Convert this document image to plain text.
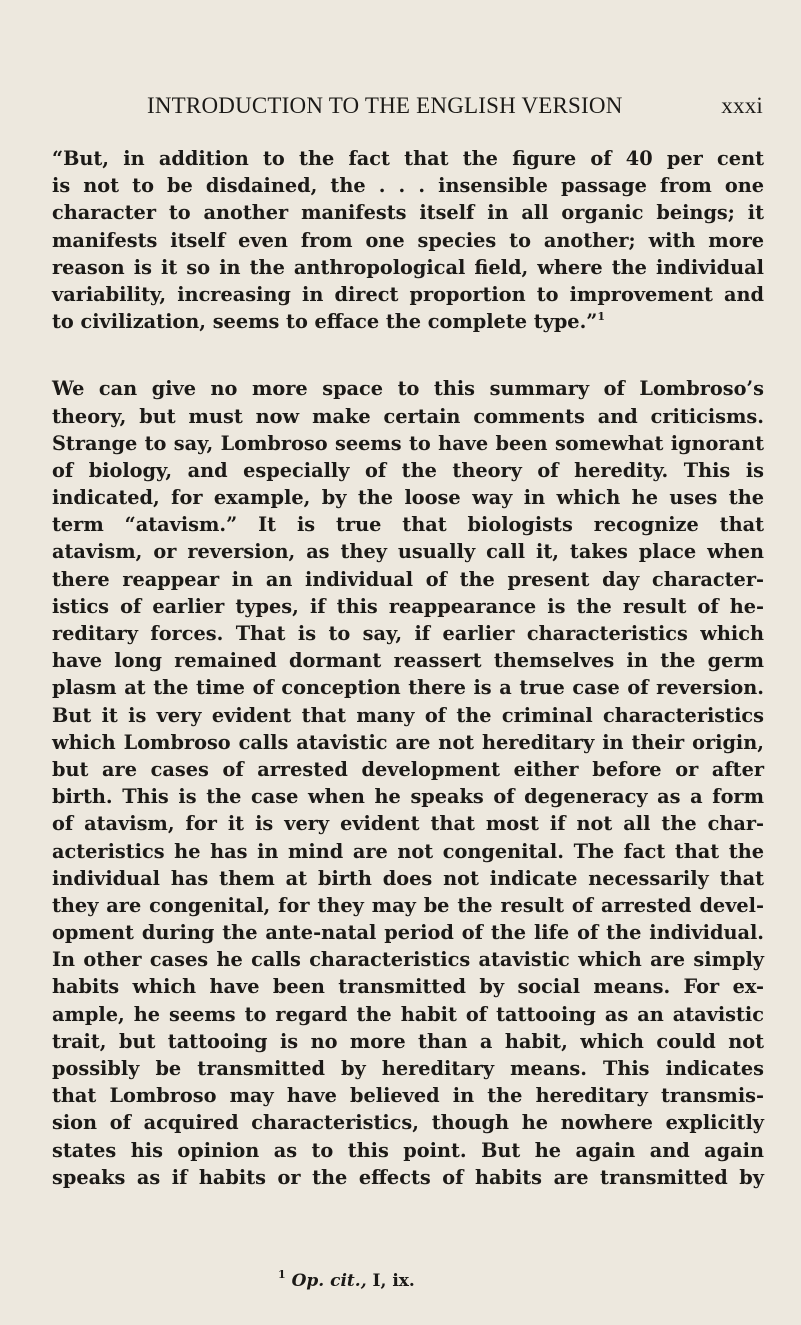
INTRODUCTION TO THE ENGLISH VERSION	xxxi
“But, in addition to the fact that the figure of 40 per cent
is not to be disdained, the . . . insensible passage from one
character to another manifests itself in all organic beings; it
manifests itself even from one species to another; with more
reason is it so in the anthropological field, where the individual
variability, increasing in direct proportion to improvement and
to civilization, seems to efface the complete type.”$^1$
We can give no more space to this summary of Lombroso’s
theory, but must now make certain comments and criticisms.
Strange to say, Lombroso seems to have been somewhat ignorant
of biology, and especially of the theory of heredity. This is
indicated, for example, by the loose way in which he uses the
term “atavism.” It is true that biologists recognize that
atavism, or reversion, as they usually call it, takes place when
there reappear in an individual of the present day character-
istics of earlier types, if this reappearance is the result of he-
reditary forces. That is to say, if earlier characteristics which
have long remained dormant reassert themselves in the germ
plasm at the time of conception there is a true case of reversion.
But it is very evident that many of the criminal characteristics
which Lombroso calls atavistic are not hereditary in their origin,
but are cases of arrested development either before or after
birth. This is the case when he speaks of degeneracy as a form
of atavism, for it is very evident that most if not all the char-
acteristics he has in mind are not congenital. The fact that the
individual has them at birth does not indicate necessarily that
they are congenital, for they may be the result of arrested devel-
opment during the ante-natal period of the life of the individual.
In other cases he calls characteristics atavistic which are simply
habits which have been transmitted by social means. For ex-
ample, he seems to regard the habit of tattooing as an atavistic
trait, but tattooing is no more than a habit, which could not
possibly be transmitted by hereditary means. This indicates
that Lombroso may have believed in the hereditary transmis-
sion of acquired characteristics, though he nowhere explicitly
states his opinion as to this point. But he again and again
speaks as if habits or the effects of habits are transmitted by
$^1$ Op. cit., I, ix.
